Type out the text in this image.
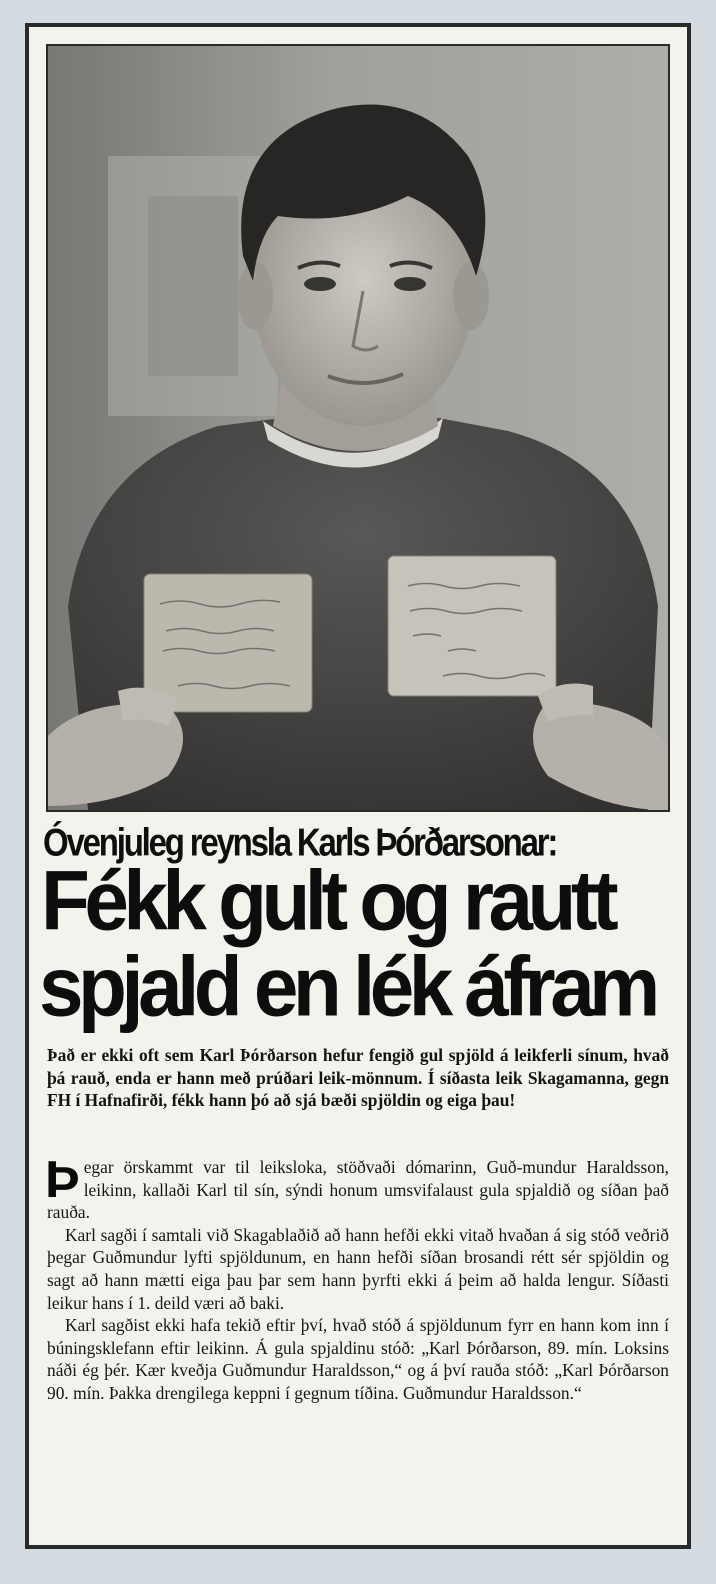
Óvenjuleg reynsla Karls Þórðarsonar:
Fékk gult og rautt
spjald en lék áfram
Það er ekki oft sem Karl Þórðarson hefur fengið gul spjöld á leikferli sínum, hvað þá rauð, enda er hann með prúðari leik-mönnum. Í síðasta leik Skagamanna, gegn FH í Hafnafirði, fékk hann þó að sjá bæði spjöldin og eiga þau!

Þegar örskammt var til leiksloka, stöðvaði dómarinn, Guð-mundur Haraldsson, leikinn, kallaði Karl til sín, sýndi honum umsvifalaust gula spjaldið og síðan það rauða.

Karl sagði í samtali við Skagablaðið að hann hefði ekki vitað hvaðan á sig stóð veðrið þegar Guðmundur lyfti spjöldunum, en hann hefði síðan brosandi rétt sér spjöldin og sagt að hann mætti eiga þau þar sem hann þyrfti ekki á þeim að halda lengur. Síðasti leikur hans í 1. deild væri að baki.

Karl sagðist ekki hafa tekið eftir því, hvað stóð á spjöldunum fyrr en hann kom inn í búningsklefann eftir leikinn. Á gula spjaldinu stóð: „Karl Þórðarson, 89. mín. Loksins náði ég þér. Kær kveðja Guðmundur Haraldsson,“ og á því rauða stóð: „Karl Þórðarson 90. mín. Þakka drengilega keppni í gegnum tíðina. Guðmundur Haraldsson.“
